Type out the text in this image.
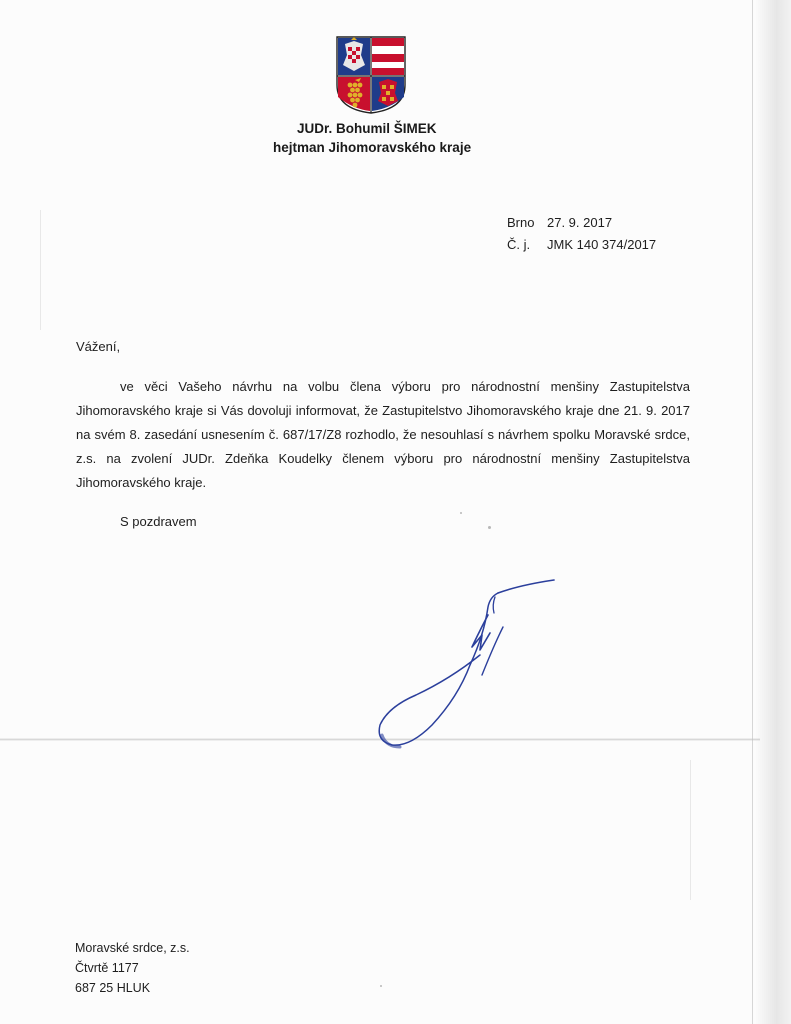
JUDr. Bohumil ŠIMEK
hejtman Jihomoravského kraje
Brno 27. 9. 2017
Č. j. JMK 140 374/2017
Vážení,
ve věci Vašeho návrhu na volbu člena výboru pro národnostní menšiny Zastupitelstva Jihomoravského kraje si Vás dovoluji informovat, že Zastupitelstvo Jihomoravského kraje dne 21. 9. 2017 na svém 8. zasedání usnesením č. 687/17/Z8 rozhodlo, že nesouhlasí s návrhem spolku Moravské srdce, z.s. na zvolení JUDr. Zdeňka Koudelky členem výboru pro národnostní menšiny Zastupitelstva Jihomoravského kraje.
S pozdravem
Moravské srdce, z.s.
Čtvrtě 1177
687 25 HLUK
